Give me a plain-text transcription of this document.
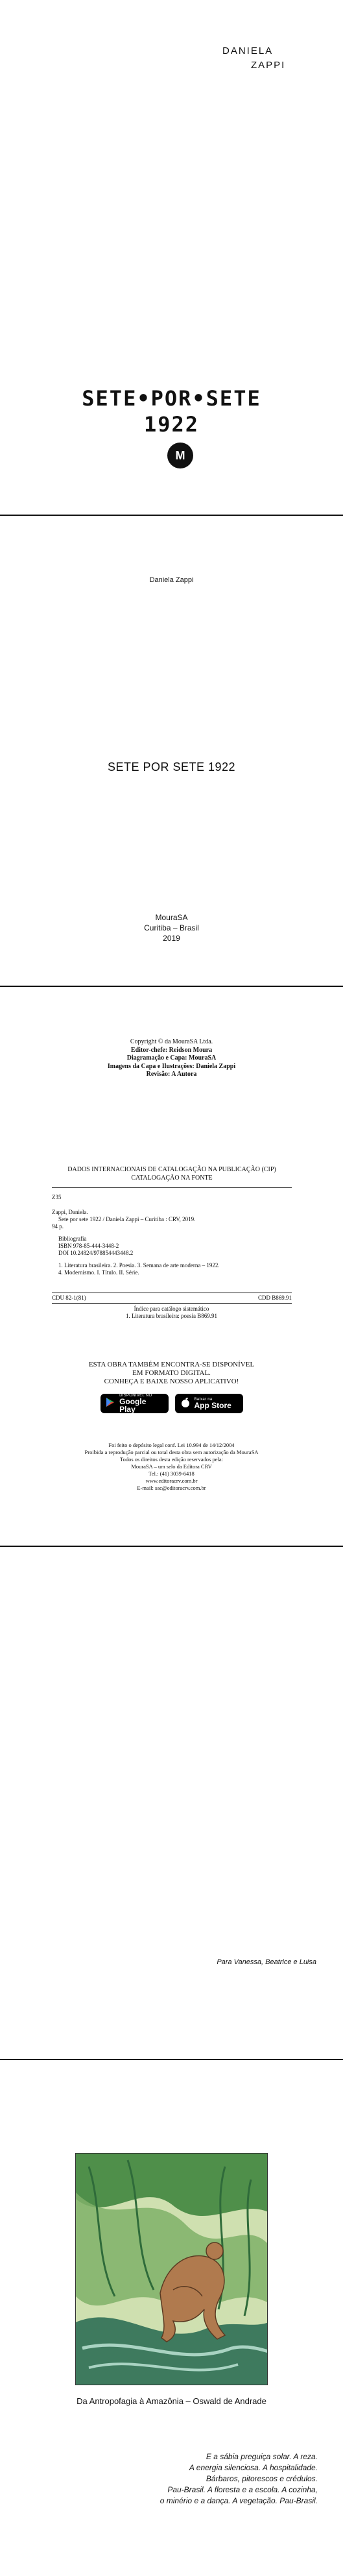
DANIELA
ZAPPI
SETE•POR•SETE
1922
M
Daniela Zappi
SETE POR SETE 1922
MouraSA
Curitiba – Brasil
2019
Copyright © da MouraSA Ltda.
Editor-chefe: Reidson Moura
Diagramação e Capa: MouraSA
Imagens da Capa e Ilustrações: Daniela Zappi
Revisão: A Autora
DADOS INTERNACIONAIS DE CATALOGAÇÃO NA PUBLICAÇÃO (CIP)
CATALOGAÇÃO NA FONTE
Z35
Zappi, Daniela.
Sete por sete 1922 / Daniela Zappi – Curitiba : CRV, 2019.
94 p.
Bibliografia
ISBN 978-85-444-3448-2
DOI 10.24824/978854443448.2
1. Literatura brasileira. 2. Poesia. 3. Semana de arte moderna – 1922.
4. Modernismo. I. Título. II. Série.
CDU 82-1(81)	CDD B869.91
Índice para catálogo sistemático
1. Literatura brasileira: poesia B869.91
ESTA OBRA TAMBÉM ENCONTRA-SE DISPONÍVEL
EM FORMATO DIGITAL.
CONHEÇA E BAIXE NOSSO APLICATIVO!
DISPONÍVEL NO
Google Play
Baixar na
App Store
Foi feito o depósito legal conf. Lei 10.994 de 14/12/2004
Proibida a reprodução parcial ou total desta obra sem autorização da MouraSA
Todos os direitos desta edição reservados pela:
MouraSA – um selo da Editora CRV
Tel.: (41) 3039-6418
www.editoracrv.com.br
E-mail: sac@editoracrv.com.br
Para Vanessa, Beatrice e Luisa
Da Antropofagia à Amazônia – Oswald de Andrade
E a sábia preguiça solar. A reza.
A energia silenciosa. A hospitalidade.
Bárbaros, pitorescos e crédulos.
Pau-Brasil. A floresta e a escola. A cozinha,
o minério e a dança. A vegetação. Pau-Brasil.
